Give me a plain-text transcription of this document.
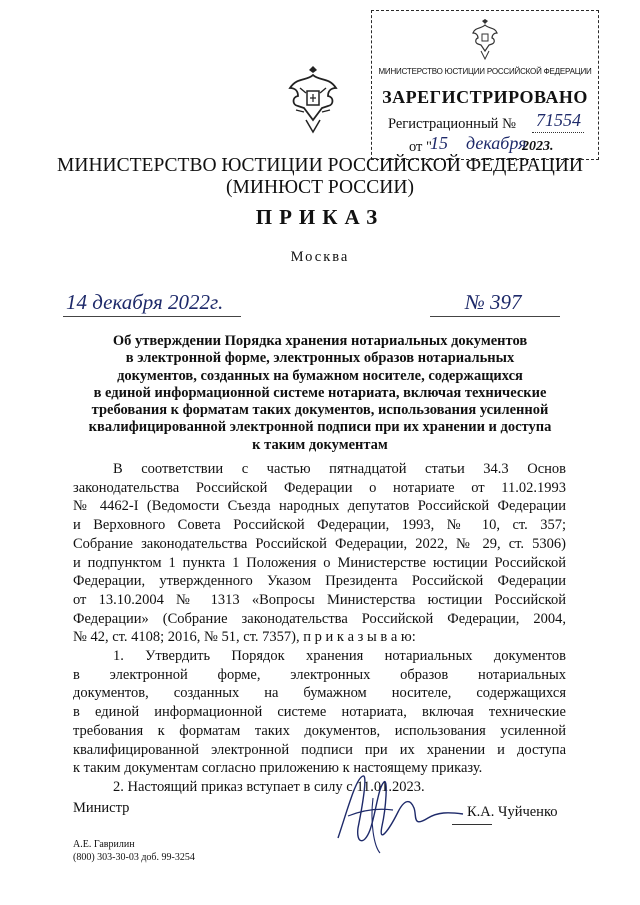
МИНИСТЕРСТВО ЮСТИЦИИ РОССИЙСКОЙ ФЕДЕРАЦИИ
ЗАРЕГИСТРИРОВАНО
Регистрационный № 71554
от "
15 декабря
2023.
МИНИСТЕРСТВО ЮСТИЦИИ РОССИЙСКОЙ ФЕДЕРАЦИИ
(МИНЮСТ РОССИИ)
ПРИКАЗ
Москва
14 декабря 2022г.	№ 397
Об утверждении Порядка хранения нотариальных документов
в электронной форме, электронных образов нотариальных
документов, созданных на бумажном носителе, содержащихся
в единой информационной системе нотариата, включая технические
требования к форматам таких документов, использования усиленной
квалифицированной электронной подписи при их хранении и доступа
к таким документам
В соответствии с частью пятнадцатой статьи 34.3 Основ
законодательства Российской Федерации о нотариате от 11.02.1993
№ 4462-I (Ведомости Съезда народных депутатов Российской Федерации
и Верховного Совета Российской Федерации, 1993, № 10, ст. 357;
Собрание законодательства Российской Федерации, 2022, № 29, ст. 5306)
и подпунктом 1 пункта 1 Положения о Министерстве юстиции Российской
Федерации, утвержденного Указом Президента Российской Федерации
от 13.10.2004 № 1313 «Вопросы Министерства юстиции Российской
Федерации» (Собрание законодательства Российской Федерации, 2004,
№ 42, ст. 4108; 2016, № 51, ст. 7357), п р и к а з ы в а ю:
1. Утвердить Порядок хранения нотариальных документов
в электронной форме, электронных образов нотариальных
документов, созданных на бумажном носителе, содержащихся
в единой информационной системе нотариата, включая технические
требования к форматам таких документов, использования усиленной
квалифицированной электронной подписи при их хранении и доступа
к таким документам согласно приложению к настоящему приказу.
2. Настоящий приказ вступает в силу с 11.01.2023.
Министр	К.А. Чуйченко
А.Е. Гаврилин
(800) 303-30-03 доб. 99-3254
